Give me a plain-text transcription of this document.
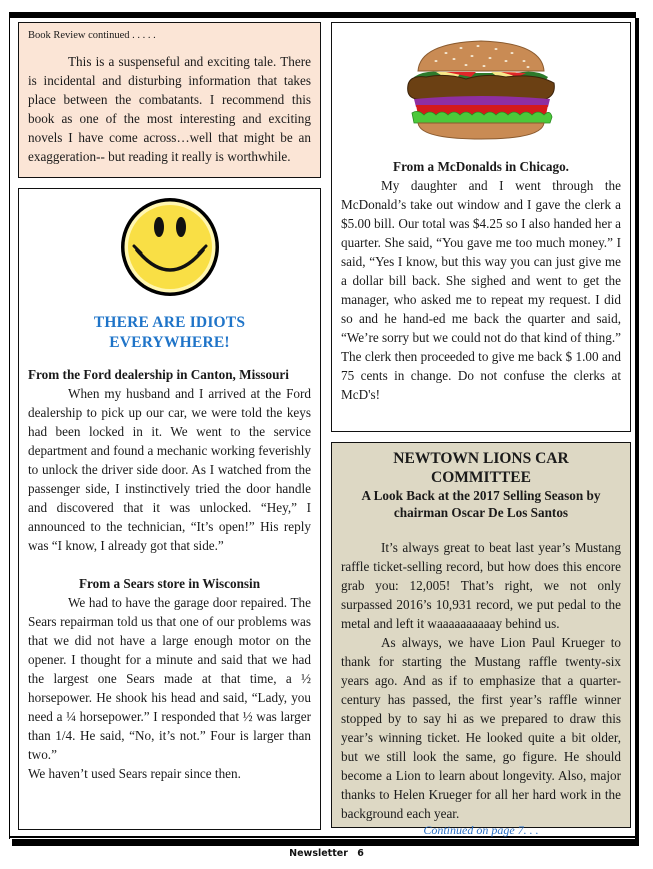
Book Review continued . . . . .

This is a suspenseful and exciting tale. There is incidental and disturbing information that takes place between the combatants. I recommend this book as one of the most interesting and exciting novels I have come across…well that might be an exaggeration-- but reading it really is worthwhile.

THERE ARE IDIOTS

EVERYWHERE!

From the Ford dealership in Canton, Missouri

When my husband and I arrived at the Ford dealership to pick up our car, we were told the keys had been locked in it. We went to the service department and found a mechanic working feverishly to unlock the driver side door. As I watched from the passenger side, I instinctively tried the door handle and discovered that it was unlocked. “Hey,” I announced to the technician, “It’s open!” His reply was “I know, I already got that side.”

From a Sears store in Wisconsin

We had to have the garage door repaired. The Sears repairman told us that one of our problems was that we did not have a large enough motor on the opener. I thought for a minute and said that we had the largest one Sears made at that time, a ½ horsepower. He shook his head and said, “Lady, you need a ¼ horsepower.” I responded that ½ was larger than 1/4. He said, “No, it’s not.” Four is larger than two.”

We haven’t used Sears repair since then.

From a McDonalds in Chicago.

My daughter and I went through the McDonald’s take out window and I gave the clerk a $5.00 bill. Our total was $4.25 so I also handed her a quarter. She said, “You gave me too much money.” I said, “Yes I know, but this way you can just give me a dollar bill back. She sighed and went to get the manager, who asked me to repeat my request. I did so and he hand-ed me back the quarter and said, “We’re sorry but we could not do that kind of thing.” The clerk then proceeded to give me back $ 1.00 and 75 cents in change. Do not confuse the clerks at McD's!

NEWTOWN LIONS CAR

COMMITTEE

A Look Back at the 2017 Selling Season by

chairman Oscar De Los Santos

It’s always great to beat last year’s Mustang raffle ticket-selling record, but how does this encore grab you: 12,005! That’s right, we not only surpassed 2016’s 10,931 record, we put pedal to the metal and left it waaaaaaaaaay behind us.

As always, we have Lion Paul Krueger to thank for starting the Mustang raffle twenty-six years ago. And as if to emphasize that a quarter-century has passed, the first year’s raffle winner stopped by to say hi as we prepared to draw this year’s winning ticket. He looked quite a bit older, but we still look the same, go figure. He should become a Lion to learn about longevity. Also, major thanks to Helen Krueger for all her hard work in the background each year.

Continued on page 7. . .

Newsletter 6
